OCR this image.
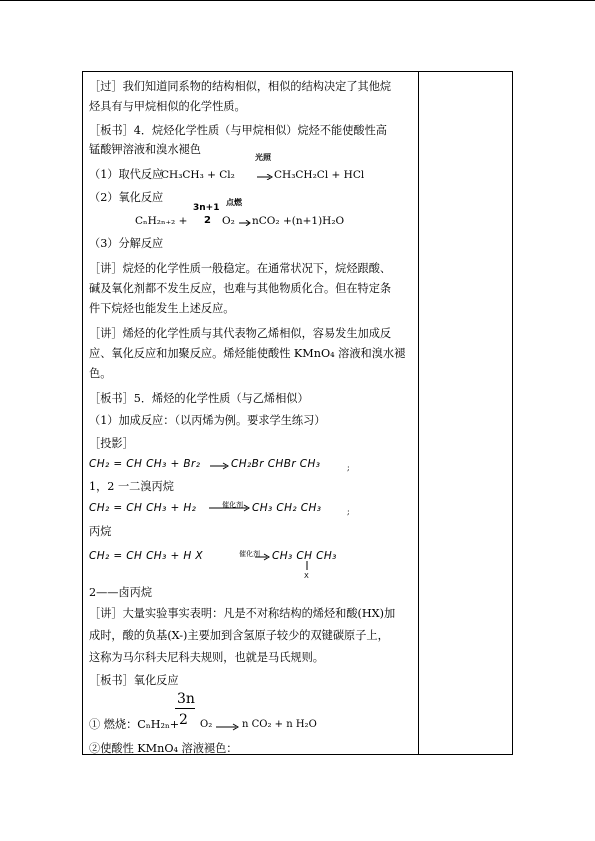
［过］我们知道同系物的结构相似，相似的结构决定了其他烷
烃具有与甲烷相似的化学性质。
［板书］4．烷烃化学性质（与甲烷相似）烷烃不能使酸性高
锰酸钾溶液和溴水褪色
光照
（1）取代反应
CH₃CH₃ + Cl₂ → CH₃CH₂Cl + HCl
（2）氧化反应
3n+1
点燃
CₙH₂ₙ₊₂ + 2 O₂ → nCO₂ +(n+1)H₂O
（3）分解反应
［讲］烷烃的化学性质一般稳定。在通常状况下，烷烃跟酸、
碱及氧化剂都不发生反应，也难与其他物质化合。但在特定条
件下烷烃也能发生上述反应。
［讲］烯烃的化学性质与其代表物乙烯相似，容易发生加成反
应、氧化反应和加聚反应。烯烃能使酸性 KMnO₄ 溶液和溴水褪
色。
［板书］5．烯烃的化学性质（与乙烯相似）
（1）加成反应：（以丙烯为例。要求学生练习）
［投影］
CH₂ = CH CH₃ + Br₂ → CH₂Br CHBr CH₃	;
1，2 一二溴丙烷
CH₂ = CH CH₃ + H₂	催化剂 → CH₃ CH₂ CH₃	;
丙烷
CH₂ = CH CH₃ + H X	催化剂 → CH₃ CH CH₃
X
2——卤丙烷
［讲］大量实验事实表明：凡是不对称结构的烯烃和酸(HX)加
成时，酸的负基(X-)主要加到含氢原子较少的双键碳原子上，
这称为马尔科夫尼科夫规则，也就是马氏规则。
［板书］氧化反应
3n
2
① 燃烧：CₙH₂ₙ+ O₂ → n CO₂ + n H₂O
②使酸性 KMnO₄ 溶液褪色：
